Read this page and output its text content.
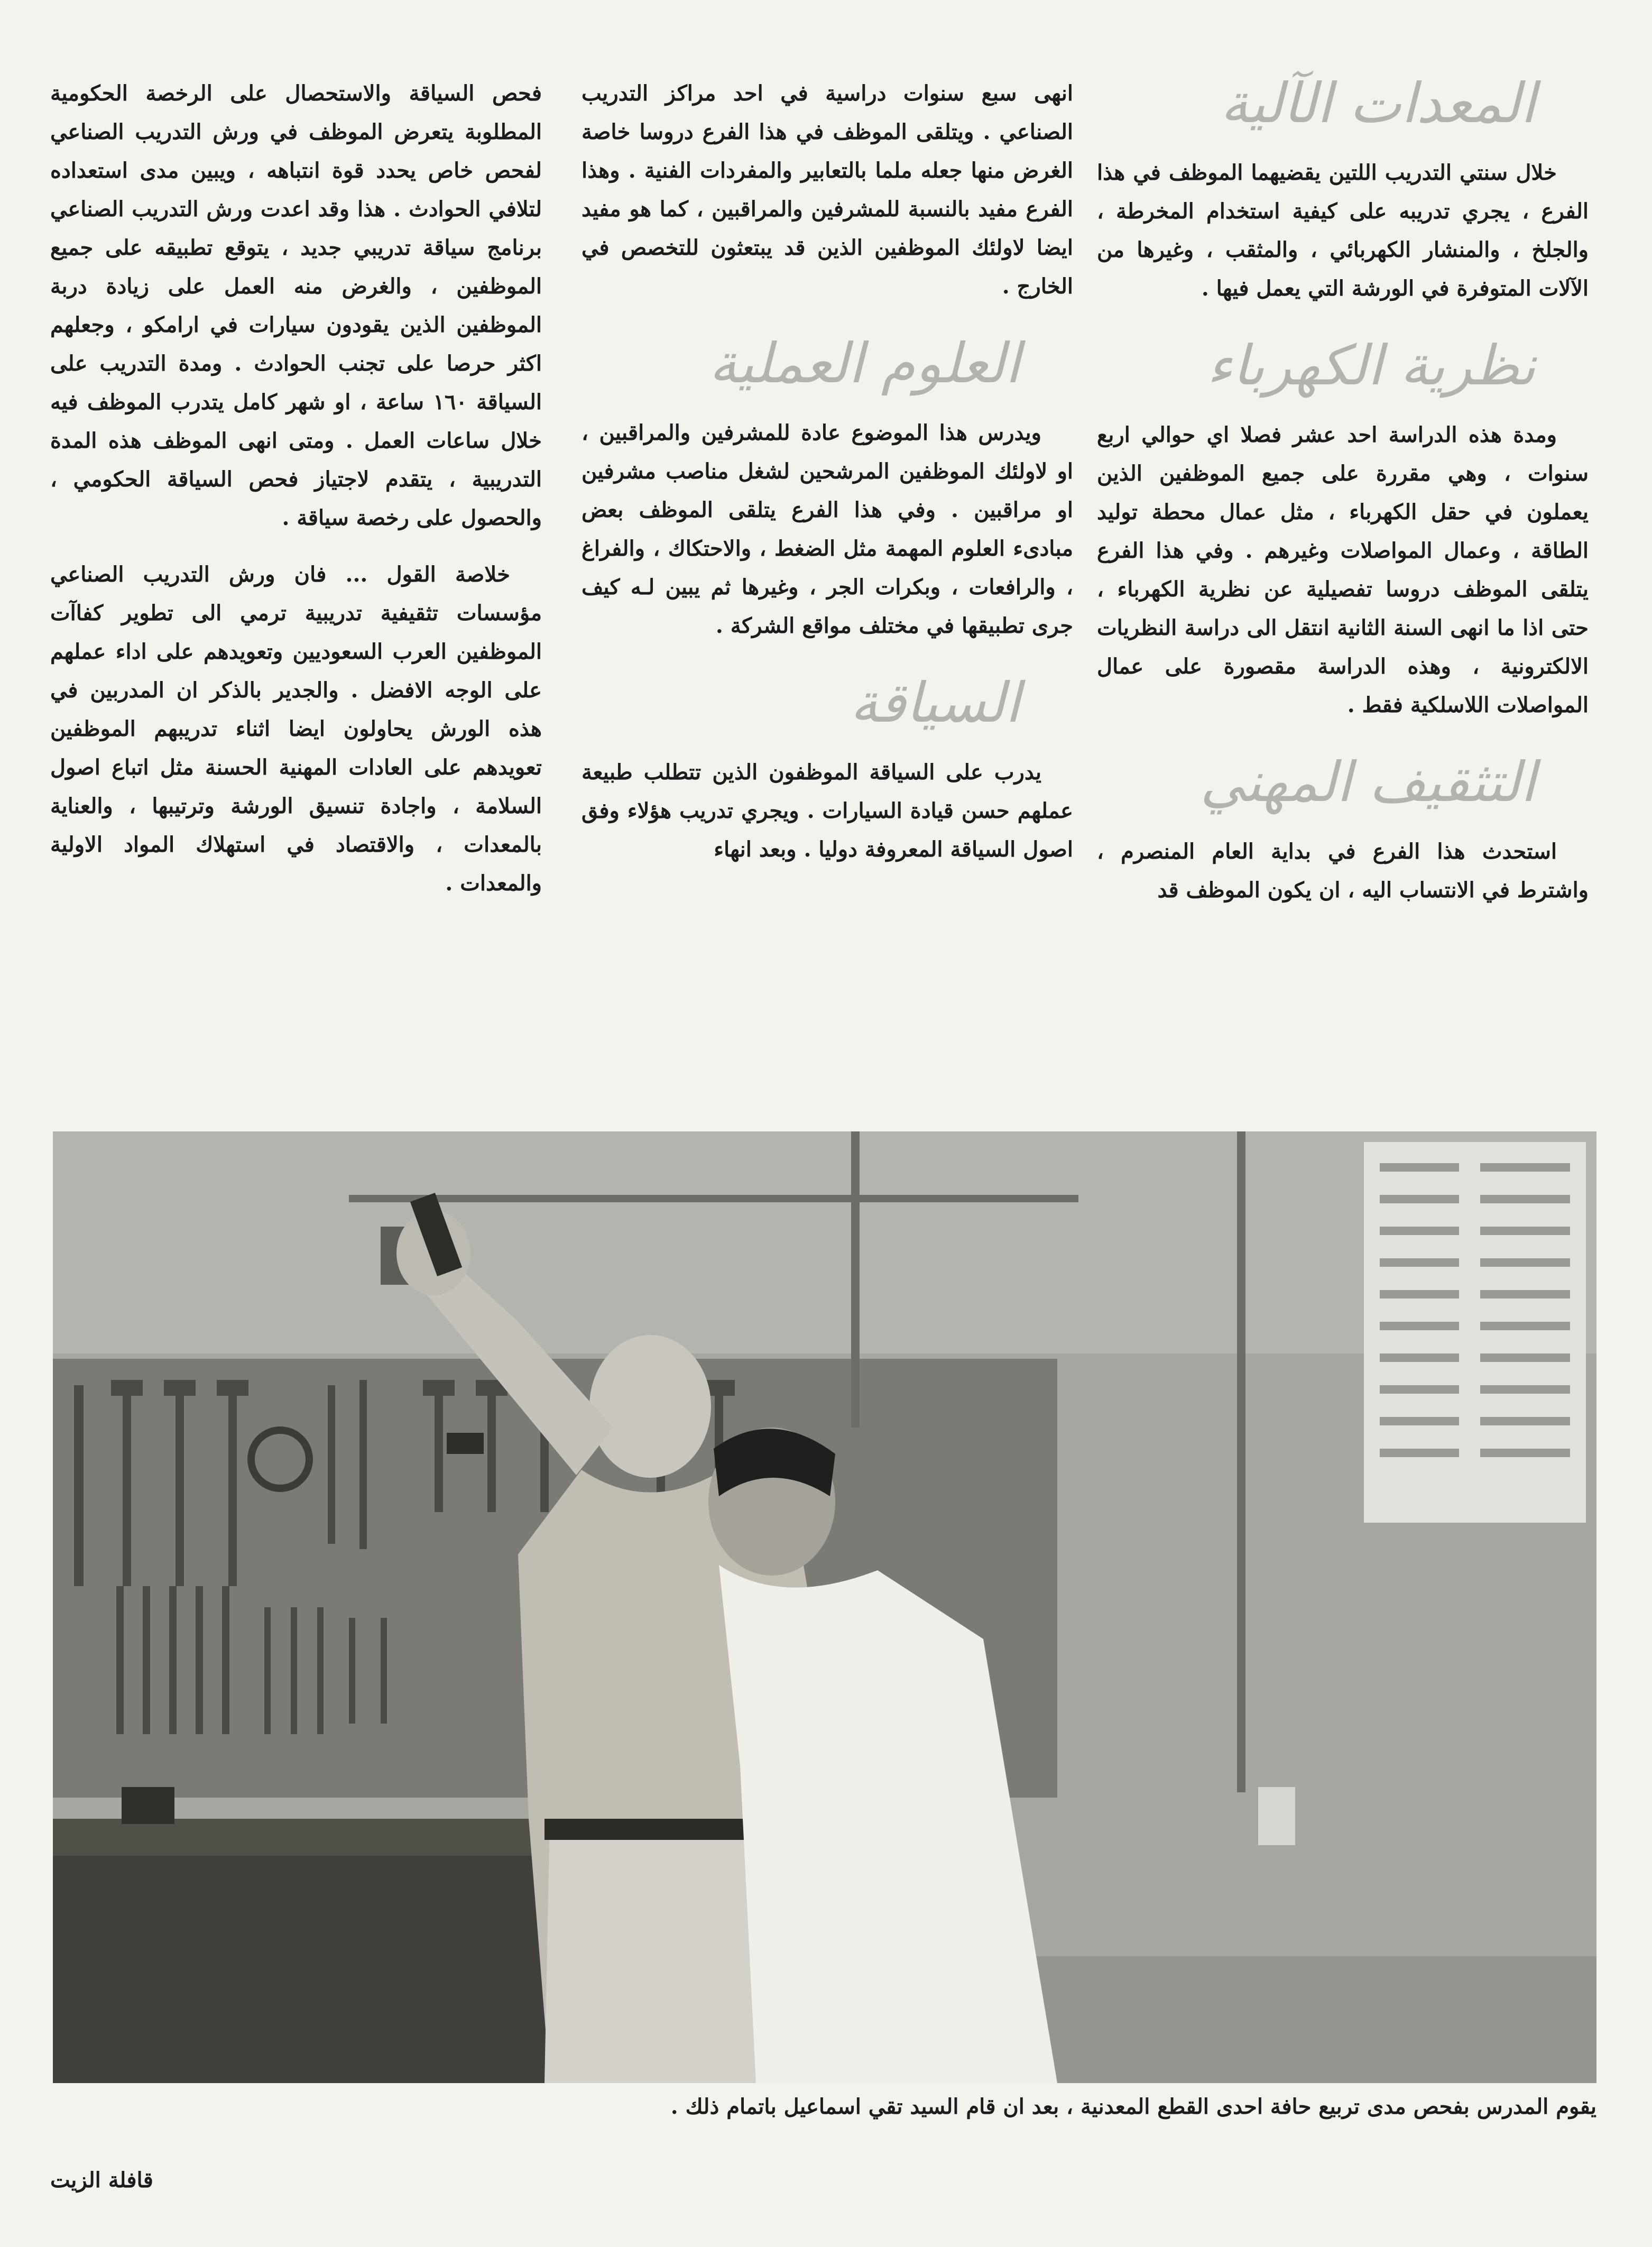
المعدات الآلية

خلال سنتي التدريب اللتين يقضيهما الموظف في هذا الفرع ، يجري تدريبه على كيفية استخدام المخرطة ، والجلخ ، والمنشار الكهربائي ، والمثقب ، وغيرها من الآلات المتوفرة في الورشة التي يعمل فيها .

نظرية الكهرباء

ومدة هذه الدراسة احد عشر فصلا اي حوالي اربع سنوات ، وهي مقررة على جميع الموظفين الذين يعملون في حقل الكهرباء ، مثل عمال محطة توليد الطاقة ، وعمال المواصلات وغيرهم . وفي هذا الفرع يتلقى الموظف دروسا تفصيلية عن نظرية الكهرباء ، حتى اذا ما انهى السنة الثانية انتقل الى دراسة النظريات الالكترونية ، وهذه الدراسة مقصورة على عمال المواصلات اللاسلكية فقط .

التثقيف المهني

استحدث هذا الفرع في بداية العام المنصرم ، واشترط في الانتساب اليه ، ان يكون الموظف قد

انهى سبع سنوات دراسية في احد مراكز التدريب الصناعي . ويتلقى الموظف في هذا الفرع دروسا خاصة الغرض منها جعله ملما بالتعابير والمفردات الفنية . وهذا الفرع مفيد بالنسبة للمشرفين والمراقبين ، كما هو مفيد ايضا لاولئك الموظفين الذين قد يبتعثون للتخصص في الخارج .

العلوم العملية

ويدرس هذا الموضوع عادة للمشرفين والمراقبين ، او لاولئك الموظفين المرشحين لشغل مناصب مشرفين او مراقبين . وفي هذا الفرع يتلقى الموظف بعض مبادىء العلوم المهمة مثل الضغط ، والاحتكاك ، والفراغ ، والرافعات ، وبكرات الجر ، وغيرها ثم يبين لـه كيف جرى تطبيقها في مختلف مواقع الشركة .

السياقة

يدرب على السياقة الموظفون الذين تتطلب طبيعة عملهم حسن قيادة السيارات . ويجري تدريب هؤلاء وفق اصول السياقة المعروفة دوليا . وبعد انهاء

فحص السياقة والاستحصال على الرخصة الحكومية المطلوبة يتعرض الموظف في ورش التدريب الصناعي لفحص خاص يحدد قوة انتباهه ، ويبين مدى استعداده لتلافي الحوادث . هذا وقد اعدت ورش التدريب الصناعي برنامج سياقة تدريبي جديد ، يتوقع تطبيقه على جميع الموظفين ، والغرض منه العمل على زيادة دربة الموظفين الذين يقودون سيارات في ارامكو ، وجعلهم اكثر حرصا على تجنب الحوادث . ومدة التدريب على السياقة ١٦٠ ساعة ، او شهر كامل يتدرب الموظف فيه خلال ساعات العمل . ومتى انهى الموظف هذه المدة التدريبية ، يتقدم لاجتياز فحص السياقة الحكومي ، والحصول على رخصة سياقة .

خلاصة القول ... فان ورش التدريب الصناعي مؤسسات تثقيفية تدريبية ترمي الى تطوير كفاآت الموظفين العرب السعوديين وتعويدهم على اداء عملهم على الوجه الافضل . والجدير بالذكر ان المدربين في هذه الورش يحاولون ايضا اثناء تدريبهم الموظفين تعويدهم على العادات المهنية الحسنة مثل اتباع اصول السلامة ، واجادة تنسيق الورشة وترتيبها ، والعناية بالمعدات ، والاقتصاد في استهلاك المواد الاولية والمعدات .

يقوم المدرس بفحص مدى تربيع حافة احدى القطع المعدنية ، بعد ان قام السيد تقي اسماعيل باتمام ذلك .
قافلة الزيت
